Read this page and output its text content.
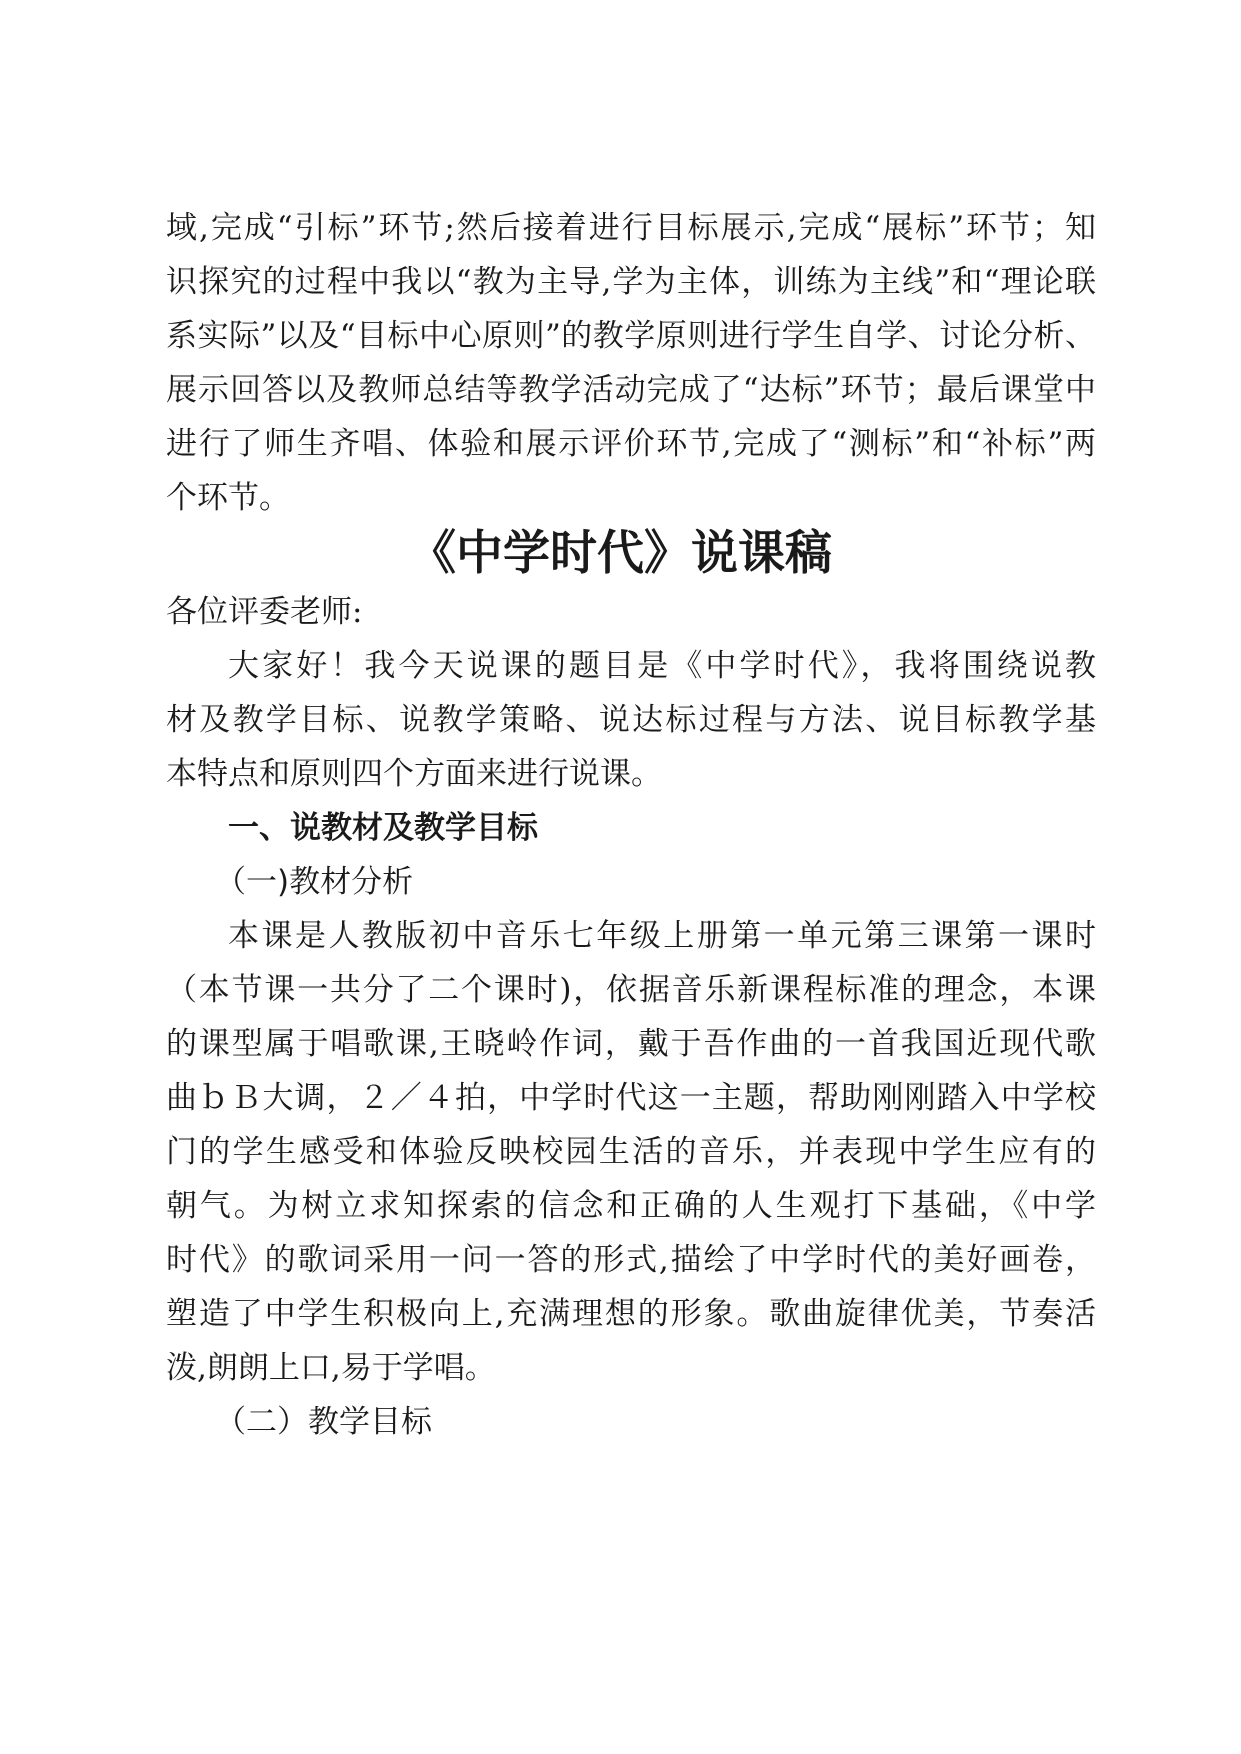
域,完成“引标”环节;然后接着进行目标展示,完成“展标”环节；知
识探究的过程中我以“教为主导,学为主体，训练为主线”和“理论联
系实际”以及“目标中心原则”的教学原则进行学生自学、讨论分析、
展示回答以及教师总结等教学活动完成了“达标”环节；最后课堂中
进行了师生齐唱、体验和展示评价环节,完成了“测标”和“补标”两
个环节。
《中学时代》说课稿
各位评委老师:
大家好！我今天说课的题目是《中学时代》，我将围绕说教
材及教学目标、说教学策略、说达标过程与方法、说目标教学基
本特点和原则四个方面来进行说课。
一、说教材及教学目标
（一)教材分析
本课是人教版初中音乐七年级上册第一单元第三课第一课时
（本节课一共分了二个课时)，依据音乐新课程标准的理念，本课
的课型属于唱歌课,王晓岭作词，戴于吾作曲的一首我国近现代歌
曲ｂＢ大调，２／４拍，中学时代这一主题，帮助刚刚踏入中学校
门的学生感受和体验反映校园生活的音乐，并表现中学生应有的
朝气。为树立求知探索的信念和正确的人生观打下基础，《中学
时代》的歌词采用一问一答的形式,描绘了中学时代的美好画卷，
塑造了中学生积极向上,充满理想的形象。歌曲旋律优美，节奏活
泼,朗朗上口,易于学唱。
（二）教学目标
